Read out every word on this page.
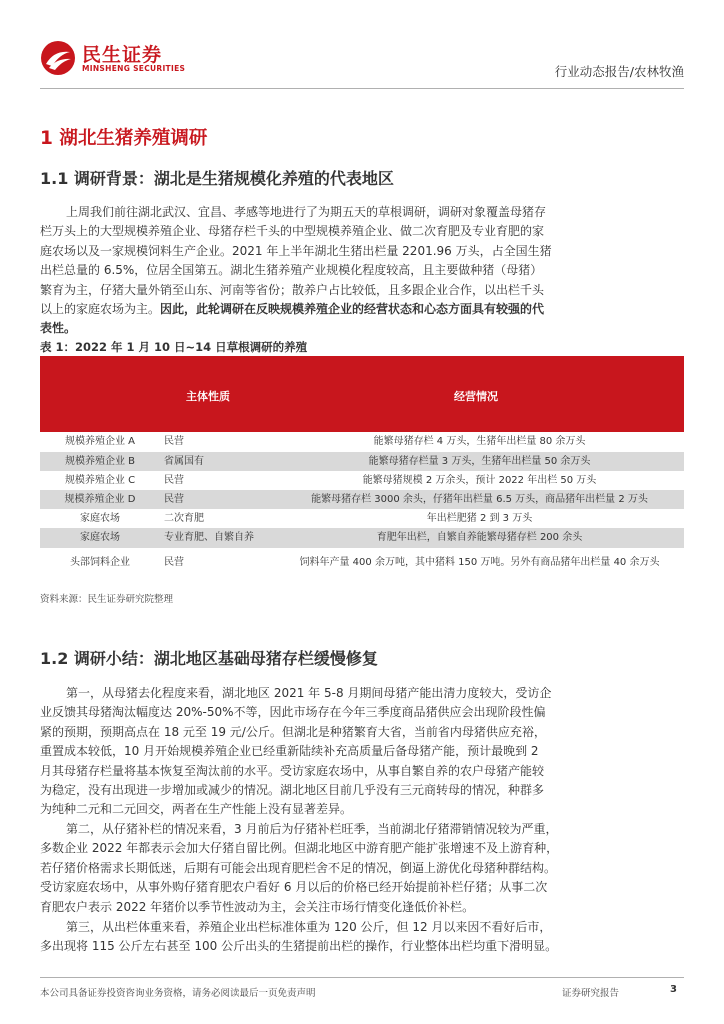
民生证券
MINSHENG SECURITIES	行业动态报告/农林牧渔
1 湖北生猪养殖调研
1.1 调研背景：湖北是生猪规模化养殖的代表地区
上周我们前往湖北武汉、宜昌、孝感等地进行了为期五天的草根调研，调研对象覆盖母猪存
栏万头上的大型规模养殖企业、母猪存栏千头的中型规模养殖企业、做二次育肥及专业育肥的家
庭农场以及一家规模饲料生产企业。2021 年上半年湖北生猪出栏量 2201.96 万头，占全国生猪
出栏总量的 6.5%，位居全国第五。湖北生猪养殖产业规模化程度较高，且主要做种猪（母猪）
繁育为主，仔猪大量外销至山东、河南等省份；散养户占比较低，且多跟企业合作，以出栏千头
以上的家庭农场为主。因此，此轮调研在反映规模养殖企业的经营状态和心态方面具有较强的代
表性。
表 1：2022 年 1 月 10 日~14 日草根调研的养殖
主体性质	经营情况
规模养殖企业 A	民营	能繁母猪存栏 4 万头，生猪年出栏量 80 余万头
规模养殖企业 B	省属国有	能繁母猪存栏量 3 万头，生猪年出栏量 50 余万头
规模养殖企业 C	民营	能繁母猪规模 2 万余头，预计 2022 年出栏 50 万头
规模养殖企业 D	民营	能繁母猪存栏 3000 余头，仔猪年出栏量 6.5 万头，商品猪年出栏量 2 万头
家庭农场	二次育肥	年出栏肥猪 2 到 3 万头
家庭农场	专业育肥、自繁自养	育肥年出栏，自繁自养能繁母猪存栏 200 余头
头部饲料企业	民营	饲料年产量 400 余万吨，其中猪料 150 万吨。另外有商品猪年出栏量 40 余万头
资料来源：民生证券研究院整理
1.2 调研小结：湖北地区基础母猪存栏缓慢修复
第一，从母猪去化程度来看，湖北地区 2021 年 5-8 月期间母猪产能出清力度较大，受访企
业反馈其母猪淘汰幅度达 20%-50%不等，因此市场存在今年三季度商品猪供应会出现阶段性偏
紧的预期，预期高点在 18 元至 19 元/公斤。但湖北是种猪繁育大省，当前省内母猪供应充裕，
重置成本较低，10 月开始规模养殖企业已经重新陆续补充高质量后备母猪产能，预计最晚到 2
月其母猪存栏量将基本恢复至淘汰前的水平。受访家庭农场中，从事自繁自养的农户母猪产能较
为稳定，没有出现进一步增加或减少的情况。湖北地区目前几乎没有三元商转母的情况，种群多
为纯种二元和二元回交，两者在生产性能上没有显著差异。
第二，从仔猪补栏的情况来看，3 月前后为仔猪补栏旺季，当前湖北仔猪滞销情况较为严重，
多数企业 2022 年都表示会加大仔猪自留比例。但湖北地区中游育肥产能扩张增速不及上游育种，
若仔猪价格需求长期低迷，后期有可能会出现育肥栏舍不足的情况，倒逼上游优化母猪种群结构。
受访家庭农场中，从事外购仔猪育肥农户看好 6 月以后的价格已经开始提前补栏仔猪；从事二次
育肥农户表示 2022 年猪价以季节性波动为主，会关注市场行情变化逢低价补栏。
第三，从出栏体重来看，养殖企业出栏标准体重为 120 公斤，但 12 月以来因不看好后市，
多出现将 115 公斤左右甚至 100 公斤出头的生猪提前出栏的操作，行业整体出栏均重下滑明显。
本公司具备证券投资咨询业务资格，请务必阅读最后一页免责声明	证券研究报告	3
